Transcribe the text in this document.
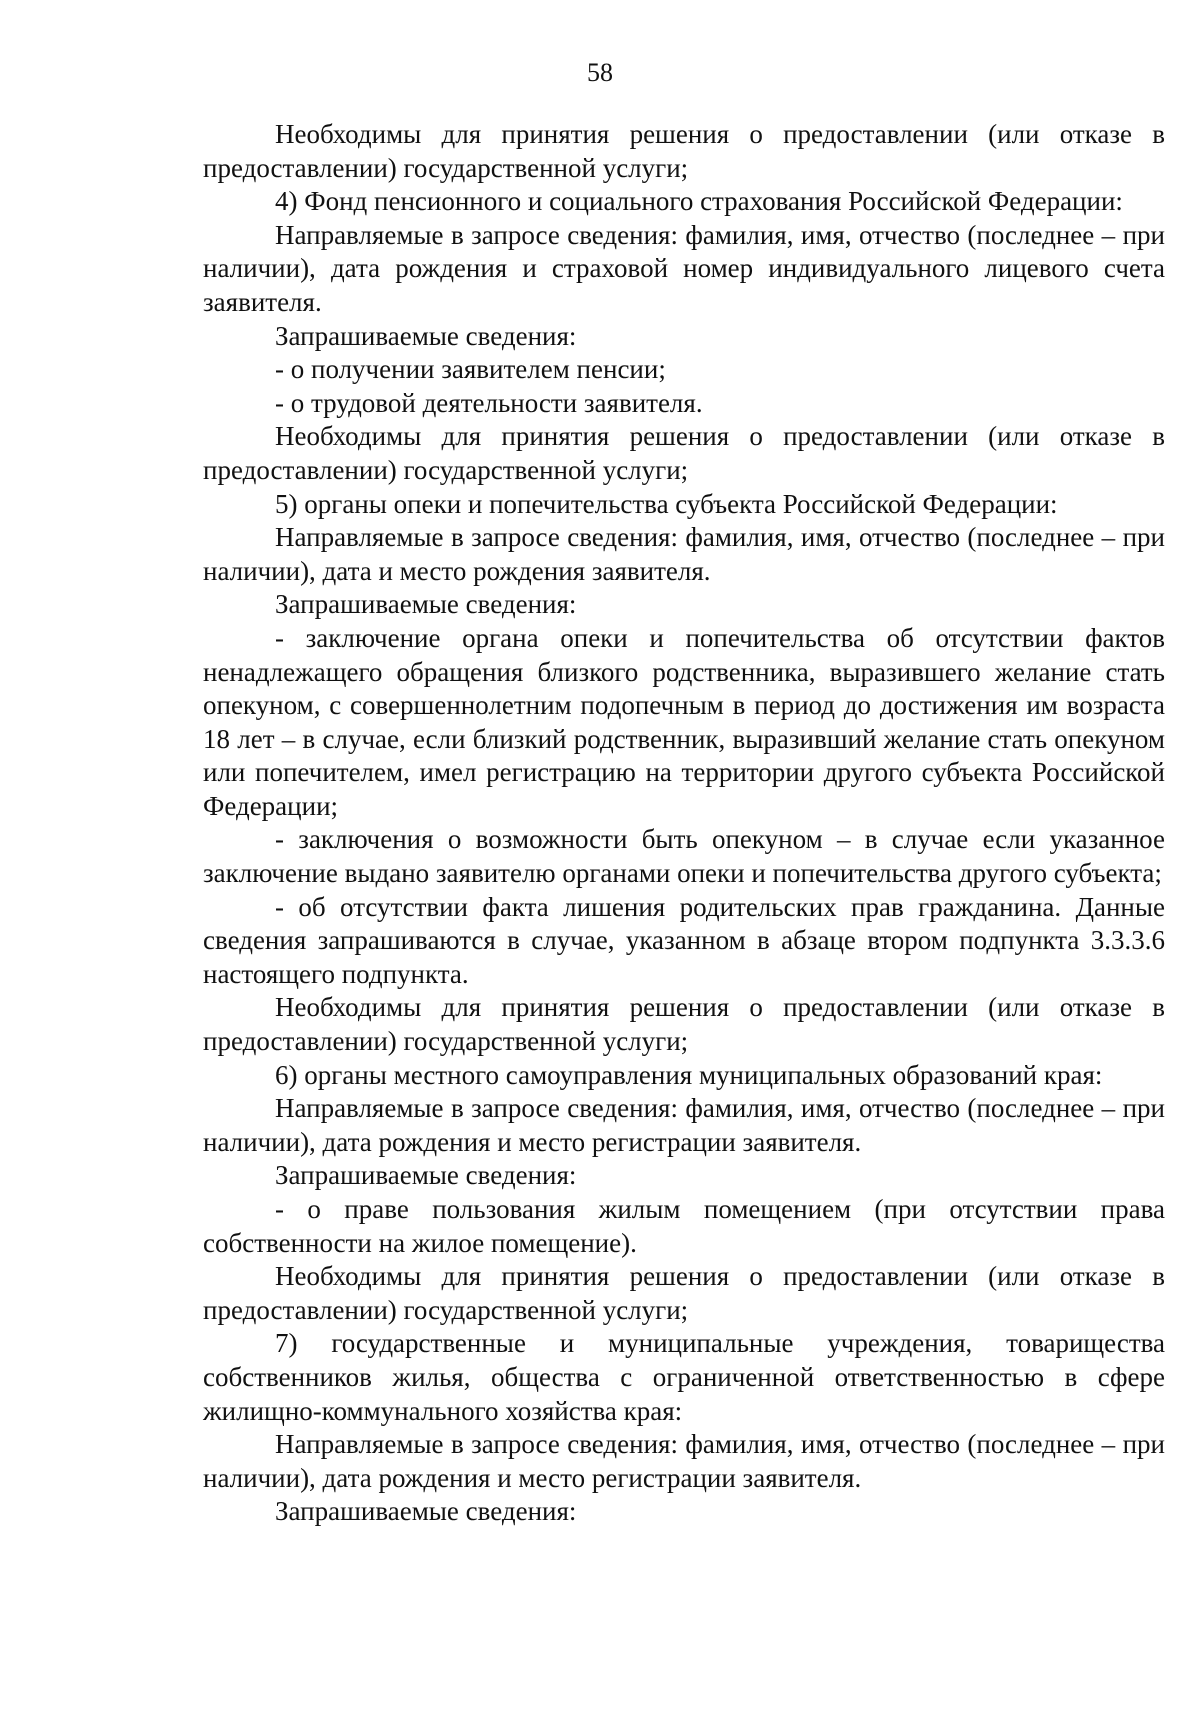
58

Необходимы для принятия решения о предоставлении (или отказе в предоставлении) государственной услуги;

4) Фонд пенсионного и социального страхования Российской Федерации:

Направляемые в запросе сведения: фамилия, имя, отчество (последнее – при наличии), дата рождения и страховой номер индивидуального лицевого счета заявителя.

Запрашиваемые сведения:

- о получении заявителем пенсии;

- о трудовой деятельности заявителя.

Необходимы для принятия решения о предоставлении (или отказе в предоставлении) государственной услуги;

5) органы опеки и попечительства субъекта Российской Федерации:

Направляемые в запросе сведения: фамилия, имя, отчество (последнее – при наличии), дата и место рождения заявителя.

Запрашиваемые сведения:

- заключение органа опеки и попечительства об отсутствии фактов ненадлежащего обращения близкого родственника, выразившего желание стать опекуном, с совершеннолетним подопечным в период до достижения им возраста 18 лет – в случае, если близкий родственник, выразивший желание стать опекуном или попечителем, имел регистрацию на территории другого субъекта Российской Федерации;

- заключения о возможности быть опекуном – в случае если указанное заключение выдано заявителю органами опеки и попечительства другого субъекта;

- об отсутствии факта лишения родительских прав гражданина. Данные сведения запрашиваются в случае, указанном в абзаце втором подпункта 3.3.3.6 настоящего подпункта.

Необходимы для принятия решения о предоставлении (или отказе в предоставлении) государственной услуги;

6) органы местного самоуправления муниципальных образований края:

Направляемые в запросе сведения: фамилия, имя, отчество (последнее – при наличии), дата рождения и место регистрации заявителя.

Запрашиваемые сведения:

- о праве пользования жилым помещением (при отсутствии права собственности на жилое помещение).

Необходимы для принятия решения о предоставлении (или отказе в предоставлении) государственной услуги;

7) государственные и муниципальные учреждения, товарищества собственников жилья, общества с ограниченной ответственностью в сфере жилищно-коммунального хозяйства края:

Направляемые в запросе сведения: фамилия, имя, отчество (последнее – при наличии), дата рождения и место регистрации заявителя.

Запрашиваемые сведения:
